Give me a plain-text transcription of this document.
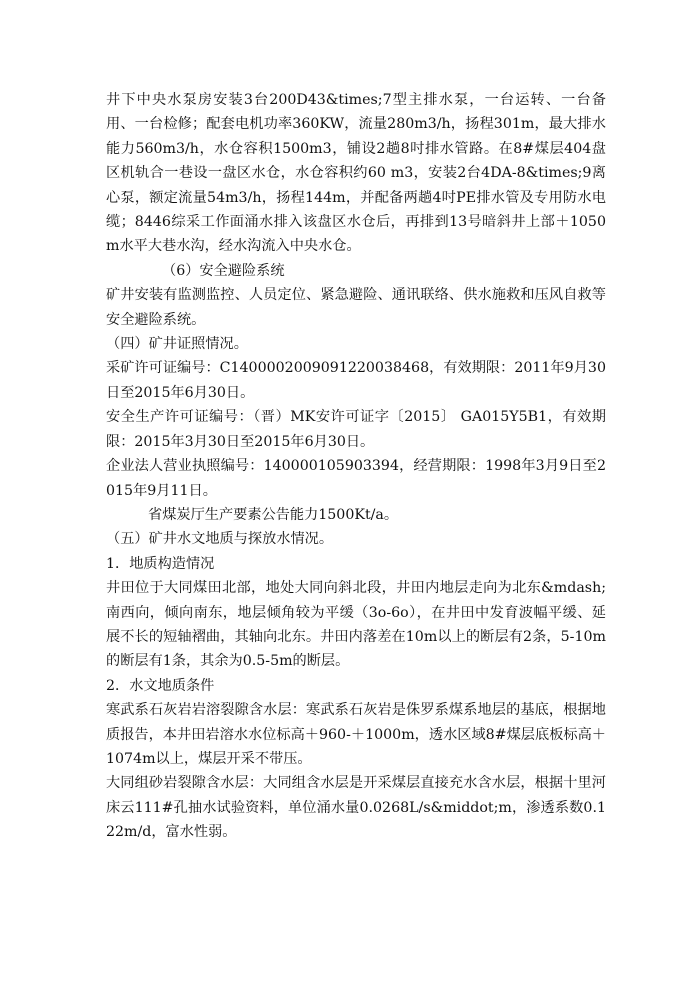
井下中央水泵房安装3台200D43&times;7型主排水泵，一台运转、一台备用、一台检修；配套电机功率360KW，流量280m3/h，扬程301m，最大排水能力560m3/h，水仓容积1500m3，铺设2趟8吋排水管路。在8#煤层404盘区机轨合一巷设一盘区水仓，水仓容积约60 m3，安装2台4DA-8&times;9离心泵，额定流量54m3/h，扬程144m，并配备两趟4吋PE排水管及专用防水电缆；8446综采工作面涌水排入该盘区水仓后，再排到13号暗斜井上部＋1050m水平大巷水沟，经水沟流入中央水仓。

（6）安全避险系统

矿井安装有监测监控、人员定位、紧急避险、通讯联络、供水施救和压风自救等安全避险系统。

（四）矿井证照情况。

采矿许可证编号：C1400002009091220038468，有效期限：2011年9月30日至2015年6月30日。

安全生产许可证编号：（晋）MK安许可证字〔2015〕 GA015Y5B1，有效期限：2015年3月30日至2015年6月30日。

企业法人营业执照编号：140000105903394，经营期限：1998年3月9日至2015年9月11日。

省煤炭厅生产要素公告能力1500Kt/a。

（五）矿井水文地质与探放水情况。

1．地质构造情况

井田位于大同煤田北部，地处大同向斜北段，井田内地层走向为北东&mdash;南西向，倾向南东，地层倾角较为平缓（3o-6o），在井田中发育波幅平缓、延展不长的短轴褶曲，其轴向北东。井田内落差在10m以上的断层有2条，5-10m的断层有1条，其余为0.5-5m的断层。

2．水文地质条件

寒武系石灰岩岩溶裂隙含水层：寒武系石灰岩是侏罗系煤系地层的基底，根据地质报告，本井田岩溶水水位标高＋960-＋1000m，透水区域8#煤层底板标高＋1074m以上，煤层开采不带压。

大同组砂岩裂隙含水层：大同组含水层是开采煤层直接充水含水层，根据十里河床云111#孔抽水试验资料，单位涌水量0.0268L/s&middot;m，渗透系数0.122m/d，富水性弱。
